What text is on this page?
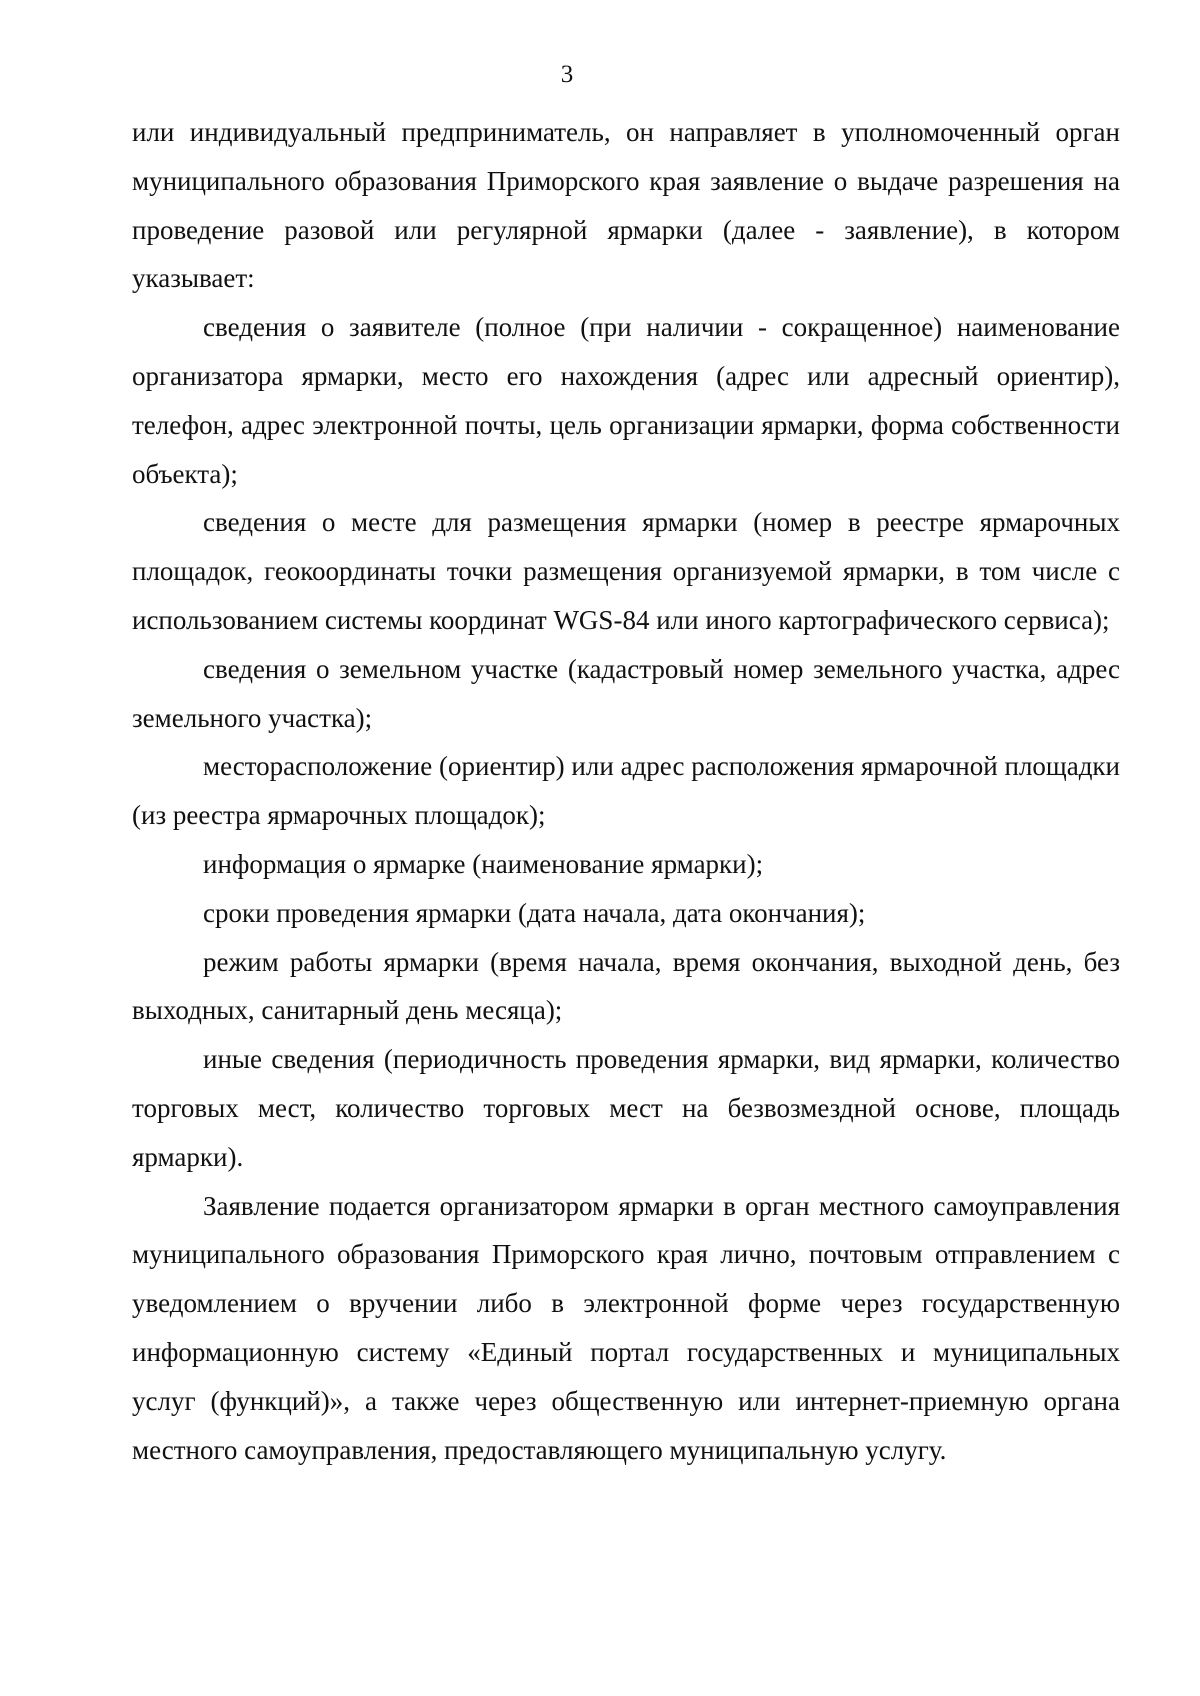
3

или индивидуальный предприниматель, он направляет в уполномоченный орган муниципального образования Приморского края заявление о выдаче разрешения на проведение разовой или регулярной ярмарки (далее - заявление), в котором указывает:

сведения о заявителе (полное (при наличии - сокращенное) наименование организатора ярмарки, место его нахождения (адрес или адресный ориентир), телефон, адрес электронной почты, цель организации ярмарки, форма собственности объекта);

сведения о месте для размещения ярмарки (номер в реестре ярмарочных площадок, геокоординаты точки размещения организуемой ярмарки, в том числе с использованием системы координат WGS-84 или иного картографического сервиса);

сведения о земельном участке (кадастровый номер земельного участка, адрес земельного участка);

месторасположение (ориентир) или адрес расположения ярмарочной площадки (из реестра ярмарочных площадок);

информация о ярмарке (наименование ярмарки);

сроки проведения ярмарки (дата начала, дата окончания);

режим работы ярмарки (время начала, время окончания, выходной день, без выходных, санитарный день месяца);

иные сведения (периодичность проведения ярмарки, вид ярмарки, количество торговых мест, количество торговых мест на безвозмездной основе, площадь ярмарки).

Заявление подается организатором ярмарки в орган местного самоуправления муниципального образования Приморского края лично, почтовым отправлением с уведомлением о вручении либо в электронной форме через государственную информационную систему «Единый портал государственных и муниципальных услуг (функций)», а также через общественную или интернет-приемную органа местного самоуправления, предоставляющего муниципальную услугу.
